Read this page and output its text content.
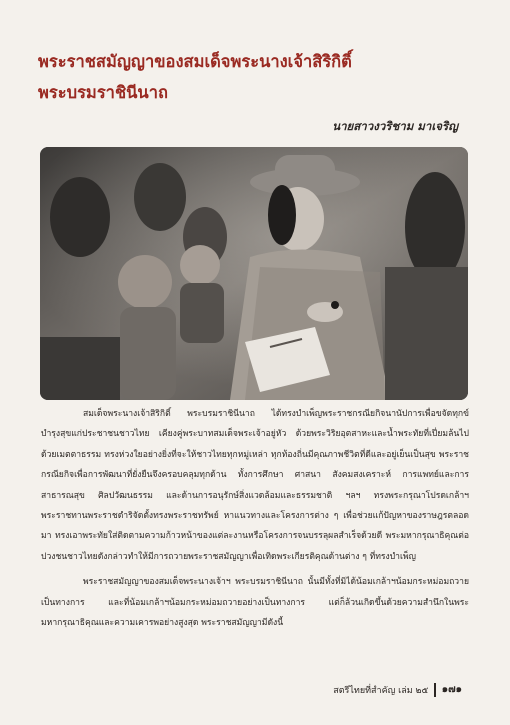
พระราชสมัญญาของสมเด็จพระนางเจ้าสิริกิติ์
พระบรมราชินีนาถ
นายสาวงวริชาม มาเจริญ

สมเด็จพระนางเจ้าสิริกิติ์ พระบรมราชินีนาถ ได้ทรงบำเพ็ญพระราชกรณียกิจนานัปการเพื่อขจัดทุกข์บำรุงสุขแก่ประชาชนชาวไทย เคียงคู่พระบาทสมเด็จพระเจ้าอยู่หัว ด้วยพระวิริยอุตสาหะและน้ำพระทัยที่เปี่ยมล้นไปด้วยเมตตาธรรม ทรงห่วงใยอย่างยิ่งที่จะให้ชาวไทยทุกหมู่เหล่า ทุกท้องถิ่นมีคุณภาพชีวิตที่ดีและอยู่เย็นเป็นสุข พระราชกรณียกิจเพื่อการพัฒนาที่ยั่งยืนจึงครอบคลุมทุกด้าน ทั้งการศึกษา ศาสนา สังคมสงเคราะห์ การแพทย์และการสาธารณสุข ศิลปวัฒนธรรม และด้านการอนุรักษ์สิ่งแวดล้อมและธรรมชาติ ฯลฯ ทรงพระกรุณาโปรดเกล้าฯ พระราชทานพระราชดำริจัดตั้งทรงพระราชทรัพย์ หาแนวทางและโครงการต่าง ๆ เพื่อช่วยแก้ปัญหาของราษฎรตลอดมา ทรงเอาพระทัยใส่ติดตามความก้าวหน้าของแต่ละงานหรือโครงการจนบรรลุผลสำเร็จด้วยดี พระมหากรุณาธิคุณต่อปวงชนชาวไทยดังกล่าวทำให้มีการถวายพระราชสมัญญาเพื่อเทิดพระเกียรติคุณด้านต่าง ๆ ที่ทรงบำเพ็ญ

พระราชสมัญญาของสมเด็จพระนางเจ้าฯ พระบรมราชินีนาถ นั้นมีทั้งที่มิได้น้อมเกล้าฯน้อมกระหม่อมถวายเป็นทางการ และที่น้อมเกล้าฯน้อมกระหม่อมถวายอย่างเป็นทางการ แต่ก็ล้วนเกิดขึ้นด้วยความสำนึกในพระมหากรุณาธิคุณและความเคารพอย่างสูงสุด พระราชสมัญญามีดังนี้

สตรีไทยที่สำคัญ เล่ม ๒๕ ๑๗๑
